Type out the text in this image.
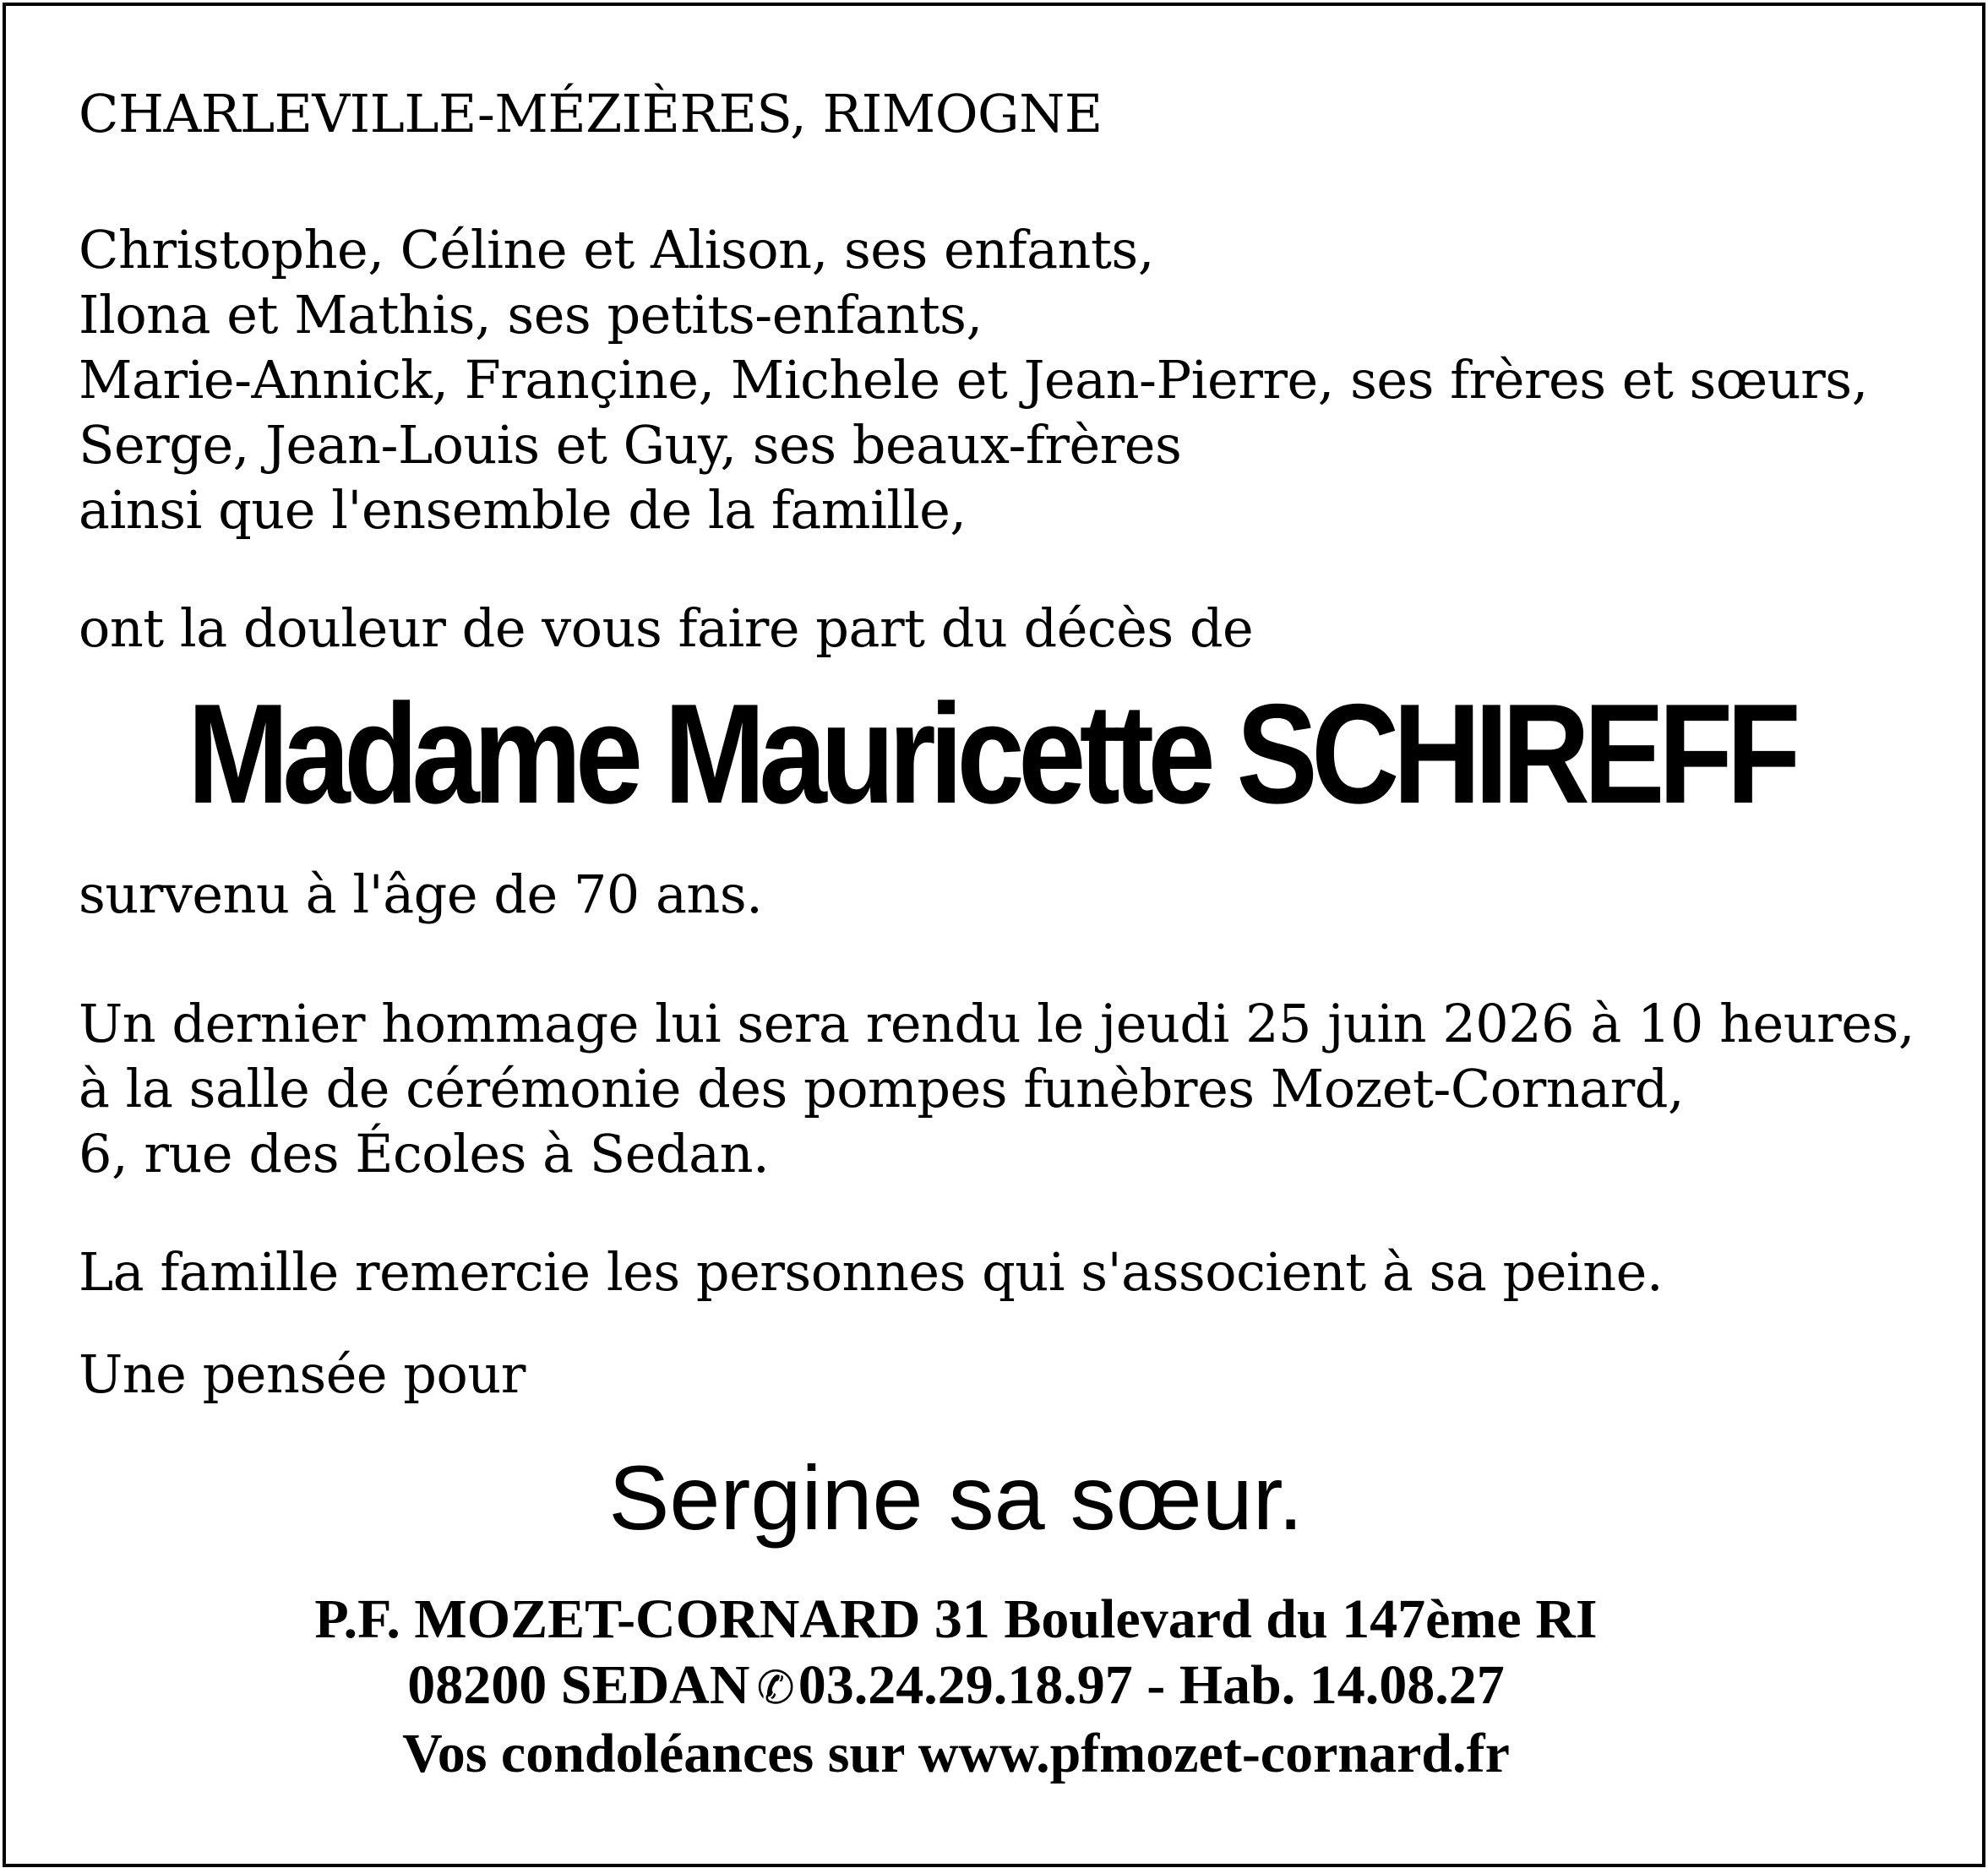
CHARLEVILLE-MÉZIÈRES, RIMOGNE

Christophe, Céline et Alison, ses enfants,

Ilona et Mathis, ses petits-enfants,

Marie-Annick, Françine, Michele et Jean-Pierre, ses frères et sœurs,

Serge, Jean-Louis et Guy, ses beaux-frères

ainsi que l'ensemble de la famille,

ont la douleur de vous faire part du décès de

Madame Mauricette SCHIREFF

survenu à l'âge de 70 ans.

Un dernier hommage lui sera rendu le jeudi 25 juin 2026 à 10 heures,

à la salle de cérémonie des pompes funèbres Mozet-Cornard,

6, rue des Écoles à Sedan.

La famille remercie les personnes qui s'associent à sa peine.

Une pensée pour

Sergine sa sœur.
P.F. MOZET-CORNARD 31 Boulevard du 147ème RI
08200 SEDAN ✆03.24.29.18.97 - Hab. 14.08.27
Vos condoléances sur www.pfmozet-cornard.fr
